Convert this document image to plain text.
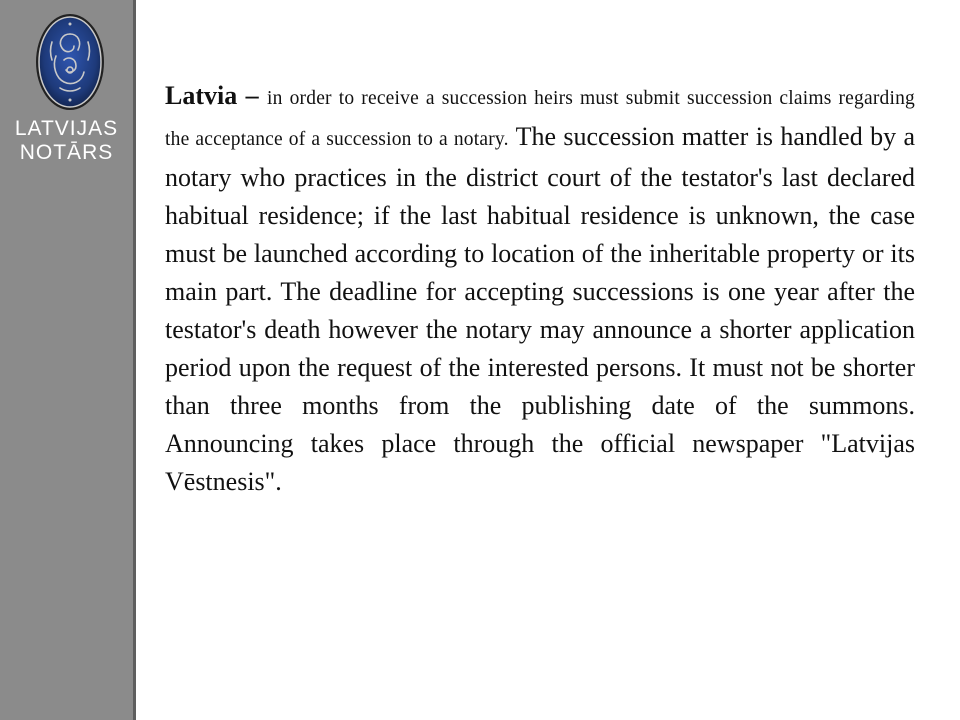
LATVIJAS
NOTĀRS

Latvia – in order to receive a succession heirs must submit succession claims regarding the acceptance of a succession to a notary. The succession matter is handled by a notary who practices in the district court of the testator's last declared habitual residence; if the last habitual residence is unknown, the case must be launched according to location of the inheritable property or its main part. The deadline for accepting successions is one year after the testator's death however the notary may announce a shorter application period upon the request of the interested persons. It must not be shorter than three months from the publishing date of the summons. Announcing takes place through the official newspaper "Latvijas Vēstnesis".
